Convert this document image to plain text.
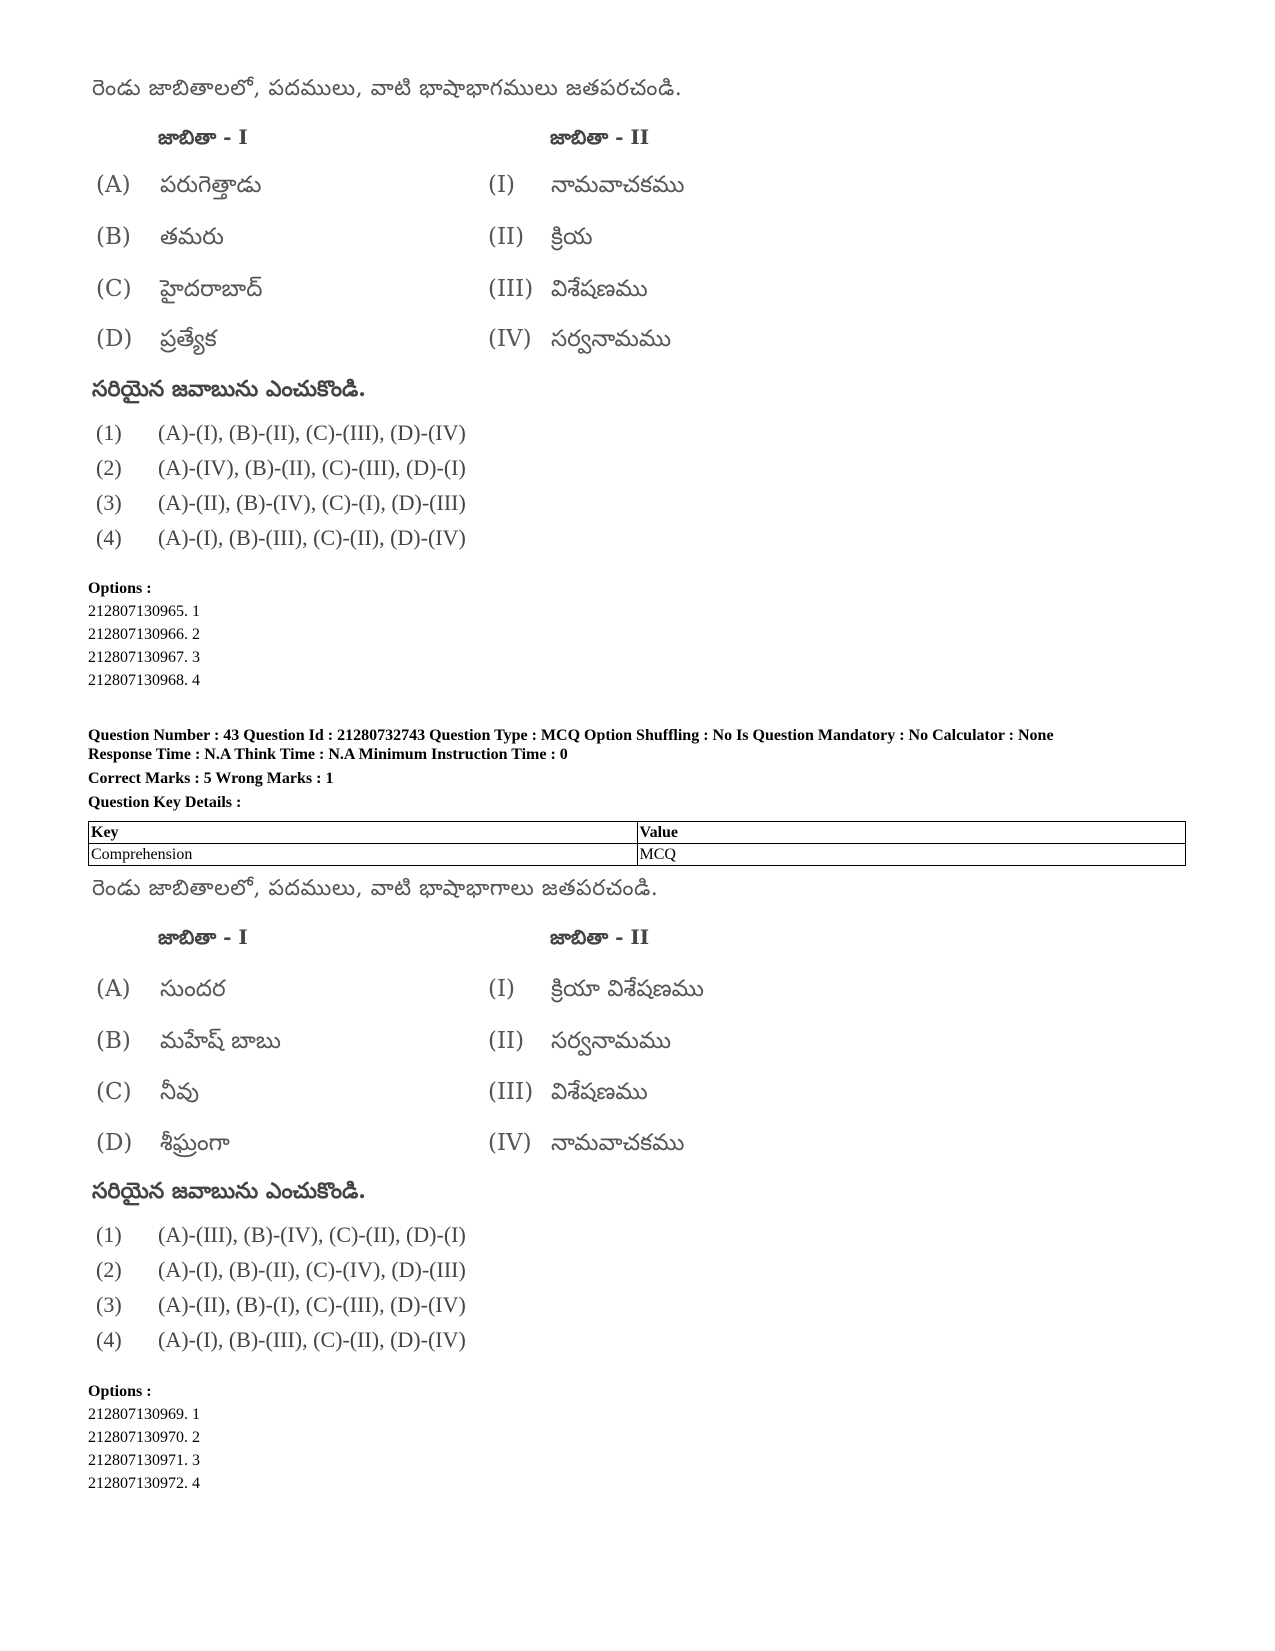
రెండు జాబితాలలో, పదములు, వాటి భాషాభాగములు జతపరచండి.
జాబితా - I	జాబితా - II
(A) పరుగెత్తాడు	(I) నామవాచకము
(B) తమరు	(II) క్రియ
(C) హైదరాబాద్	(III) విశేషణము
(D) ప్రత్యేక	(IV) సర్వనామము
సరియైన జవాబును ఎంచుకొండి.
(1) (A)-(I), (B)-(II), (C)-(III), (D)-(IV)
(2) (A)-(IV), (B)-(II), (C)-(III), (D)-(I)
(3) (A)-(II), (B)-(IV), (C)-(I), (D)-(III)
(4) (A)-(I), (B)-(III), (C)-(II), (D)-(IV)
Options :
212807130965. 1
212807130966. 2
212807130967. 3
212807130968. 4
Question Number : 43 Question Id : 21280732743 Question Type : MCQ Option Shuffling : No Is Question Mandatory : No Calculator : None
Response Time : N.A Think Time : N.A Minimum Instruction Time : 0
Correct Marks : 5 Wrong Marks : 1
Question Key Details :
Key	Value
Comprehension	MCQ
రెండు జాబితాలలో, పదములు, వాటి భాషాభాగాలు జతపరచండి.
జాబితా - I	జాబితా - II
(A) సుందర	(I) క్రియా విశేషణము
(B) మహేష్ బాబు	(II) సర్వనామము
(C) నీవు	(III) విశేషణము
(D) శీఘ్రంగా	(IV) నామవాచకము
సరియైన జవాబును ఎంచుకొండి.
(1) (A)-(III), (B)-(IV), (C)-(II), (D)-(I)
(2) (A)-(I), (B)-(II), (C)-(IV), (D)-(III)
(3) (A)-(II), (B)-(I), (C)-(III), (D)-(IV)
(4) (A)-(I), (B)-(III), (C)-(II), (D)-(IV)
Options :
212807130969. 1
212807130970. 2
212807130971. 3
212807130972. 4
